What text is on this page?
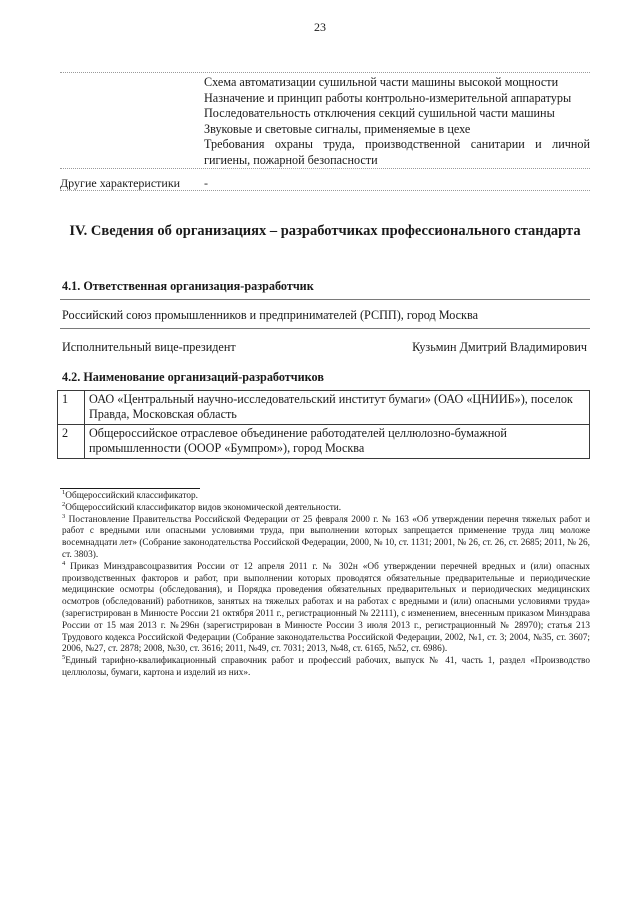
23
Схема автоматизации сушильной части машины высокой мощности
Назначение и принцип работы контрольно-измерительной аппаратуры
Последовательность отключения секций сушильной части машины
Звуковые и световые сигналы, применяемые в цехе
Требования охраны труда, производственной санитарии и личной гигиены, пожарной безопасности
Другие характеристики	-
IV. Сведения об организациях – разработчиках профессионального стандарта
4.1. Ответственная организация-разработчик
Российский союз промышленников и предпринимателей (РСПП), город Москва
Исполнительный вице-президент	Кузьмин Дмитрий Владимирович
4.2. Наименование организаций-разработчиков
1	ОАО «Центральный научно-исследовательский институт бумаги» (ОАО «ЦНИИБ»), поселок Правда, Московская область
2	Общероссийское отраслевое объединение работодателей целлюлозно-бумажной промышленности (ОООР «Бумпром»), город Москва

$^1$Общероссийский классификатор.

$^2$Общероссийский классификатор видов экономической деятельности.

$^3$ Постановление Правительства Российской Федерации от 25 февраля 2000 г. № 163 «Об утверждении перечня тяжелых работ и работ с вредными или опасными условиями труда, при выполнении которых запрещается применение труда лиц моложе восемнадцати лет» (Собрание законодательства Российской Федерации, 2000, № 10, ст. 1131; 2001, № 26, ст. 26, ст. 2685; 2011, № 26, ст. 3803).

$^4$ Приказ Минздравсоцразвития России от 12 апреля 2011 г. № 302н «Об утверждении перечней вредных и (или) опасных производственных факторов и работ, при выполнении которых проводятся обязательные предварительные и периодические медицинские осмотры (обследования), и Порядка проведения обязательных предварительных и периодических медицинских осмотров (обследований) работников, занятых на тяжелых работах и на работах с вредными и (или) опасными условиями труда» (зарегистрирован в Минюсте России 21 октября 2011 г., регистрационный № 22111), с изменением, внесенным приказом Минздрава России от 15 мая 2013 г. №296н (зарегистрирован в Минюсте России 3 июля 2013 г., регистрационный № 28970); статья 213 Трудового кодекса Российской Федерации (Собрание законодательства Российской Федерации, 2002, №1, ст. 3; 2004, №35, ст. 3607; 2006, №27, ст. 2878; 2008, №30, ст. 3616; 2011, №49, ст. 7031; 2013, №48, ст. 6165, №52, ст. 6986).

$^5$Единый тарифно-квалификационный справочник работ и профессий рабочих, выпуск № 41, часть 1, раздел «Производство целлюлозы, бумаги, картона и изделий из них».
